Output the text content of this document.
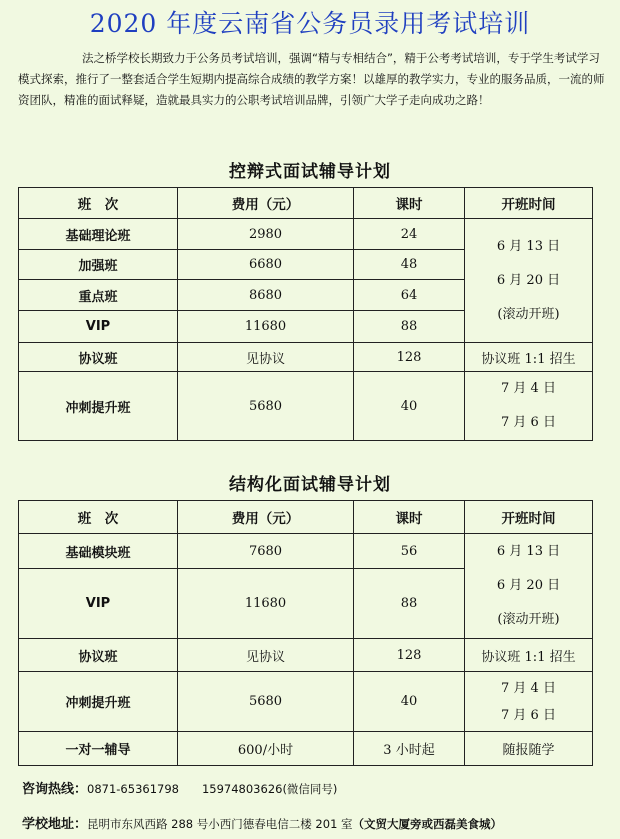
2020 年度云南省公务员录用考试培训
法之桥学校长期致力于公务员考试培训，强调“精与专相结合”，精于公考考试培训，专于学生考试学习模式探索，推行了一整套适合学生短期内提高综合成绩的教学方案！以雄厚的教学实力，专业的服务品质，一流的师资团队，精准的面试释疑，造就最具实力的公职考试培训品牌，引领广大学子走向成功之路！
控辩式面试辅导计划
班　次	费用（元）	课时	开班时间
基础理论班	2980	24	6 月 13 日
6 月 20 日
(滚动开班)

加强班	6680	48	
重点班	8680	64	
VIP	11680	88	
协议班	见协议	128	协议班 1:1 招生
冲刺提升班	5680	40	7 月 4 日
7 月 6 日
结构化面试辅导计划
班　次	费用（元）	课时	开班时间
基础模块班	7680	56	6 月 13 日
6 月 20 日
(滚动开班)

VIP	11680	88	
协议班	见协议	128	协议班 1:1 招生
冲刺提升班	5680	40	7 月 4 日
7 月 6 日

一对一辅导	600/小时	3 小时起	随报随学
咨询热线：0871-65361798　　15974803626(微信同号)
学校地址：昆明市东风西路 288 号小西门德春电信二楼 201 室（文贸大厦旁或西磊美食城）
